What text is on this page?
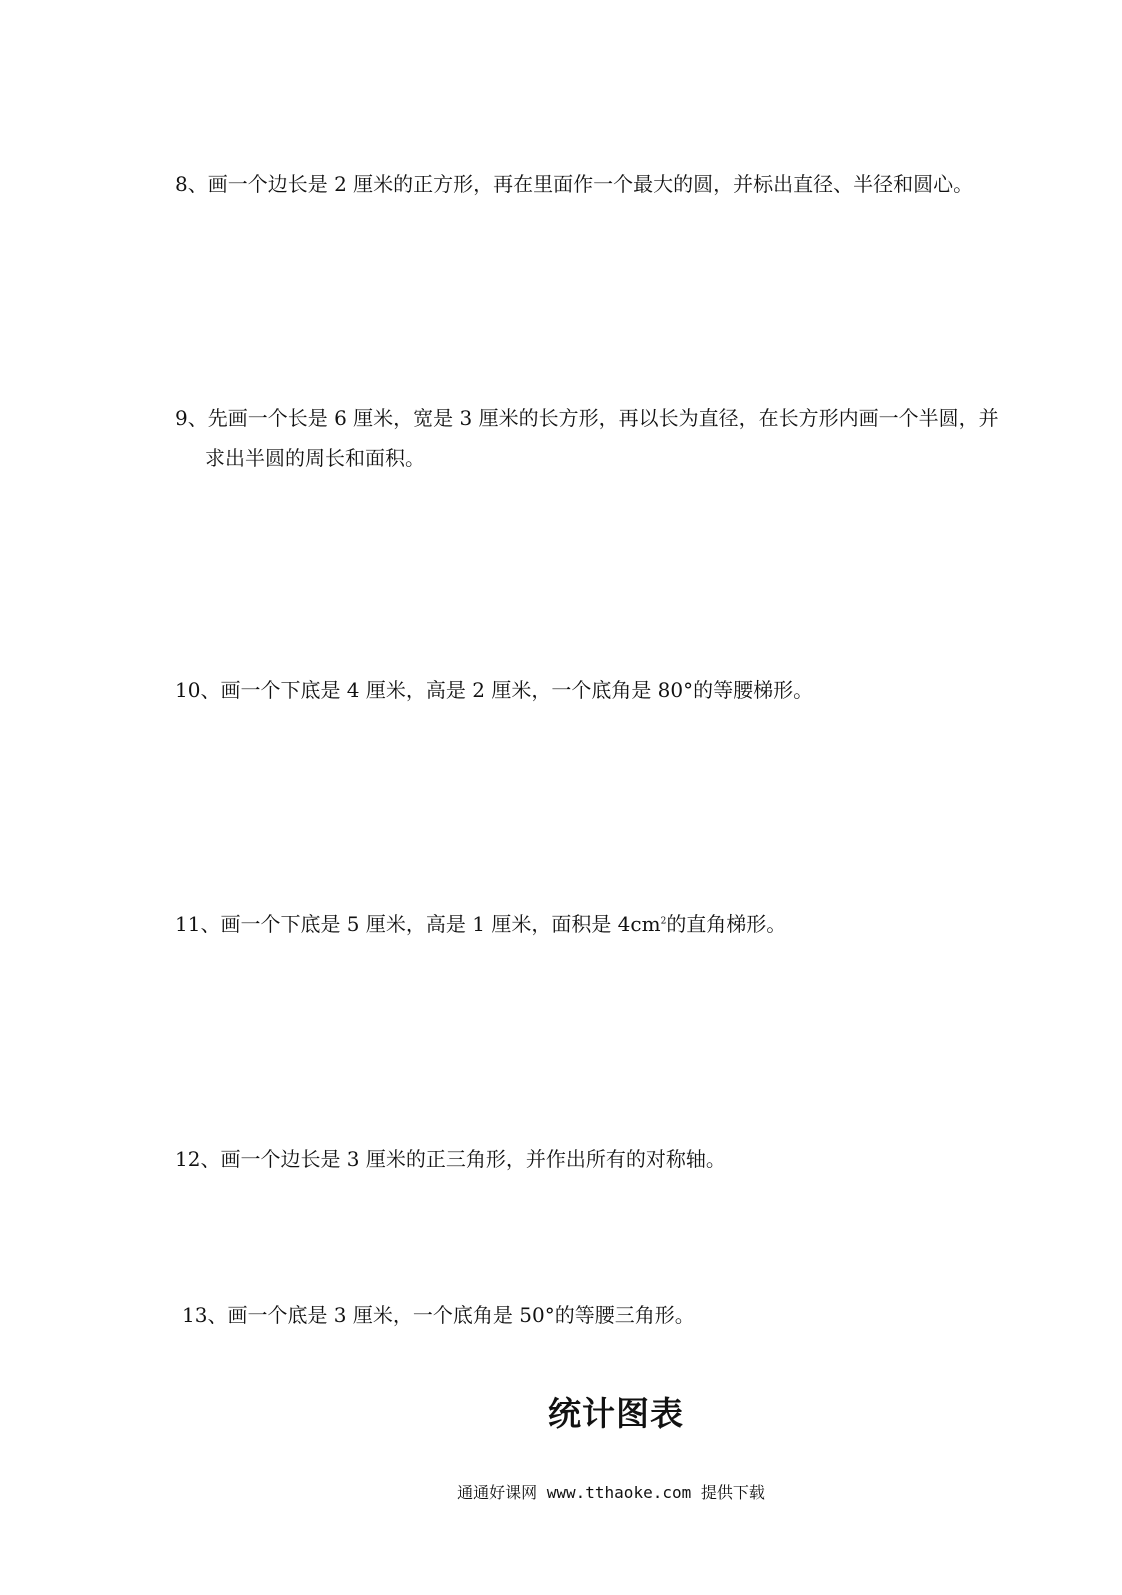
8、画一个边长是 2 厘米的正方形，再在里面作一个最大的圆，并标出直径、半径和圆心。
9、先画一个长是 6 厘米，宽是 3 厘米的长方形，再以长为直径，在长方形内画一个半圆，并
求出半圆的周长和面积。
10、画一个下底是 4 厘米，高是 2 厘米，一个底角是 80°的等腰梯形。
11、画一个下底是 5 厘米，高是 1 厘米，面积是 $4cm^2$的直角梯形。
12、画一个边长是 3 厘米的正三角形，并作出所有的对称轴。
13、画一个底是 3 厘米，一个底角是 50°的等腰三角形。
统计图表
通通好课网 www.tthaoke.com 提供下载
